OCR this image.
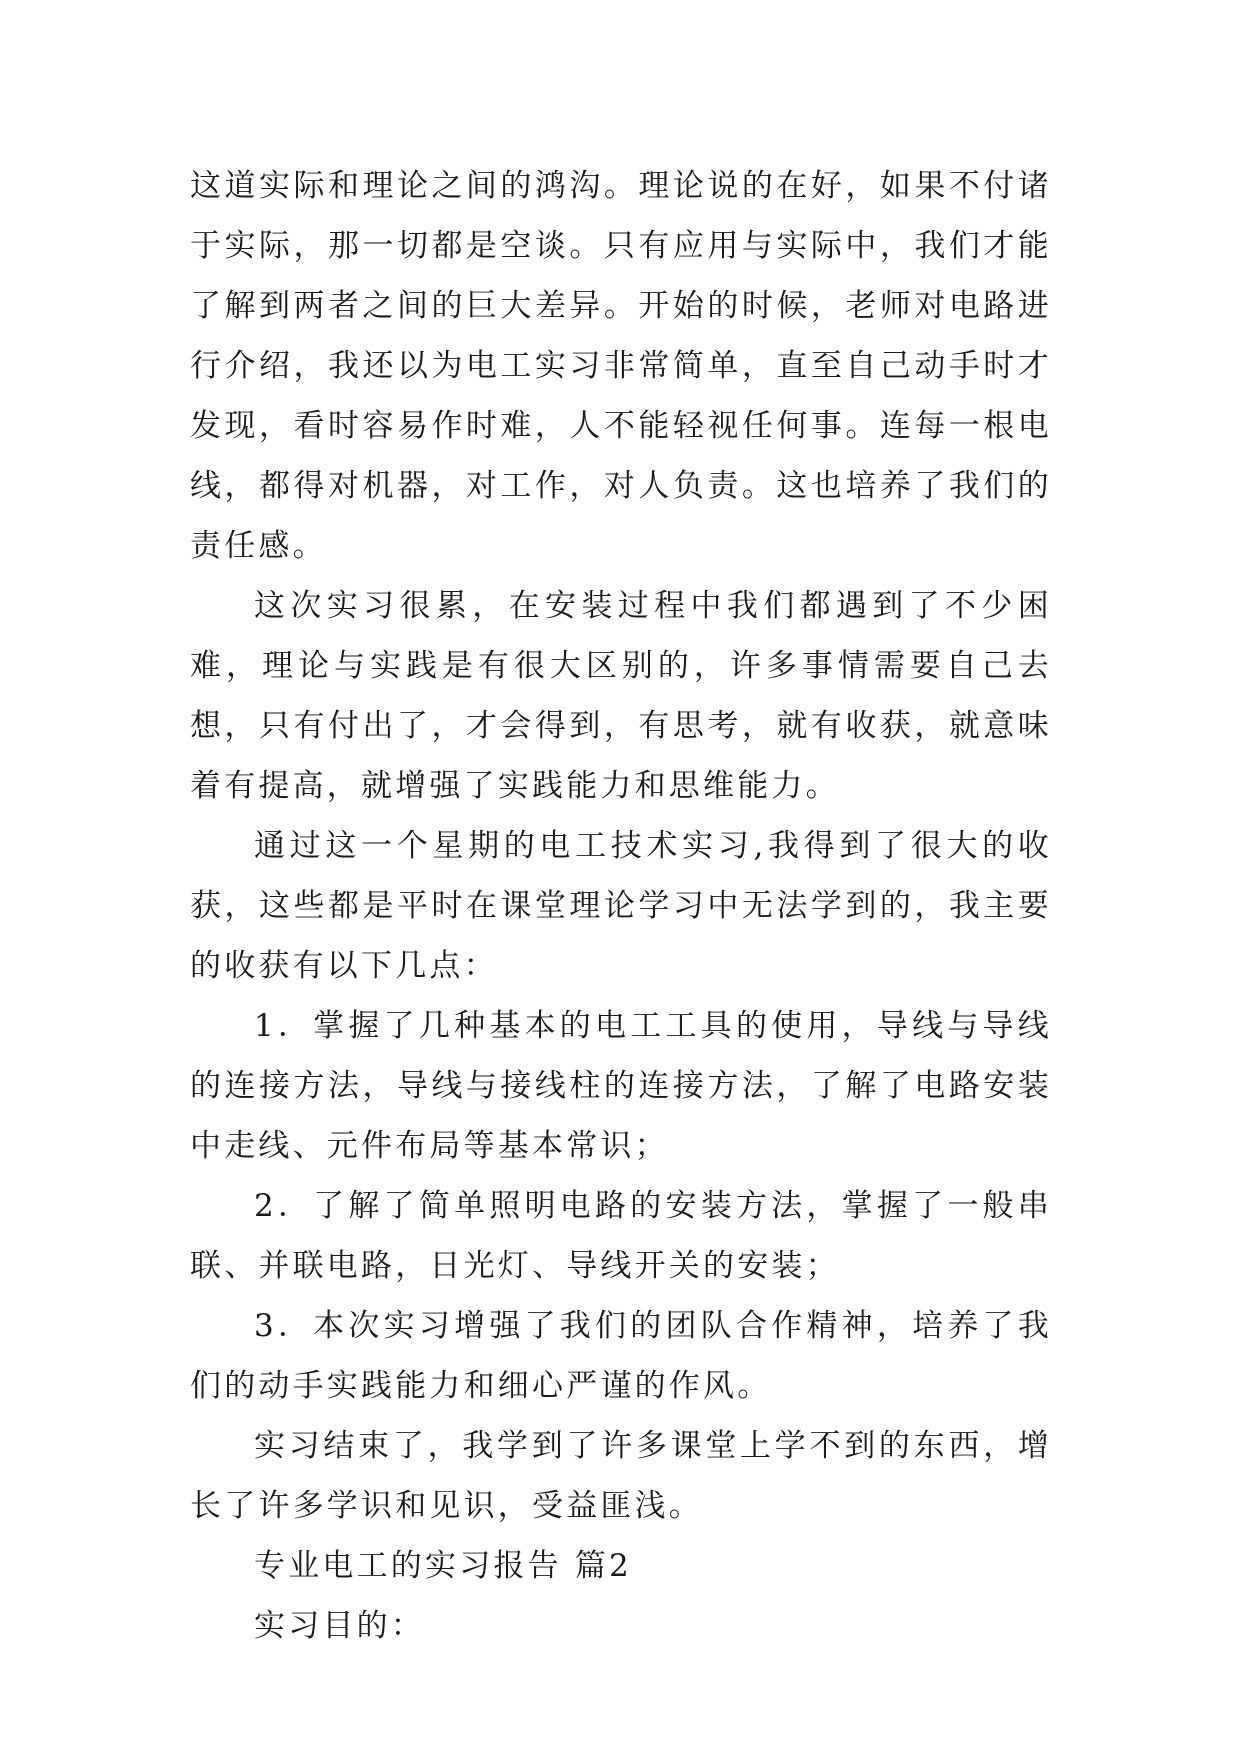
这道实际和理论之间的鸿沟。理论说的在好，如果不付诸于实际，那一切都是空谈。只有应用与实际中，我们才能了解到两者之间的巨大差异。开始的时候，老师对电路进行介绍，我还以为电工实习非常简单，直至自己动手时才发现，看时容易作时难，人不能轻视任何事。连每一根电线，都得对机器，对工作，对人负责。这也培养了我们的责任感。

这次实习很累，在安装过程中我们都遇到了不少困难，理论与实践是有很大区别的，许多事情需要自己去想，只有付出了，才会得到，有思考，就有收获，就意味着有提高，就增强了实践能力和思维能力。

通过这一个星期的电工技术实习,我得到了很大的收获，这些都是平时在课堂理论学习中无法学到的，我主要的收获有以下几点：

1．掌握了几种基本的电工工具的使用，导线与导线的连接方法，导线与接线柱的连接方法，了解了电路安装中走线、元件布局等基本常识；

2．了解了简单照明电路的安装方法，掌握了一般串联、并联电路，日光灯、导线开关的安装；

3．本次实习增强了我们的团队合作精神，培养了我们的动手实践能力和细心严谨的作风。

实习结束了，我学到了许多课堂上学不到的东西，增长了许多学识和见识，受益匪浅。

专业电工的实习报告 篇2

实习目的：
